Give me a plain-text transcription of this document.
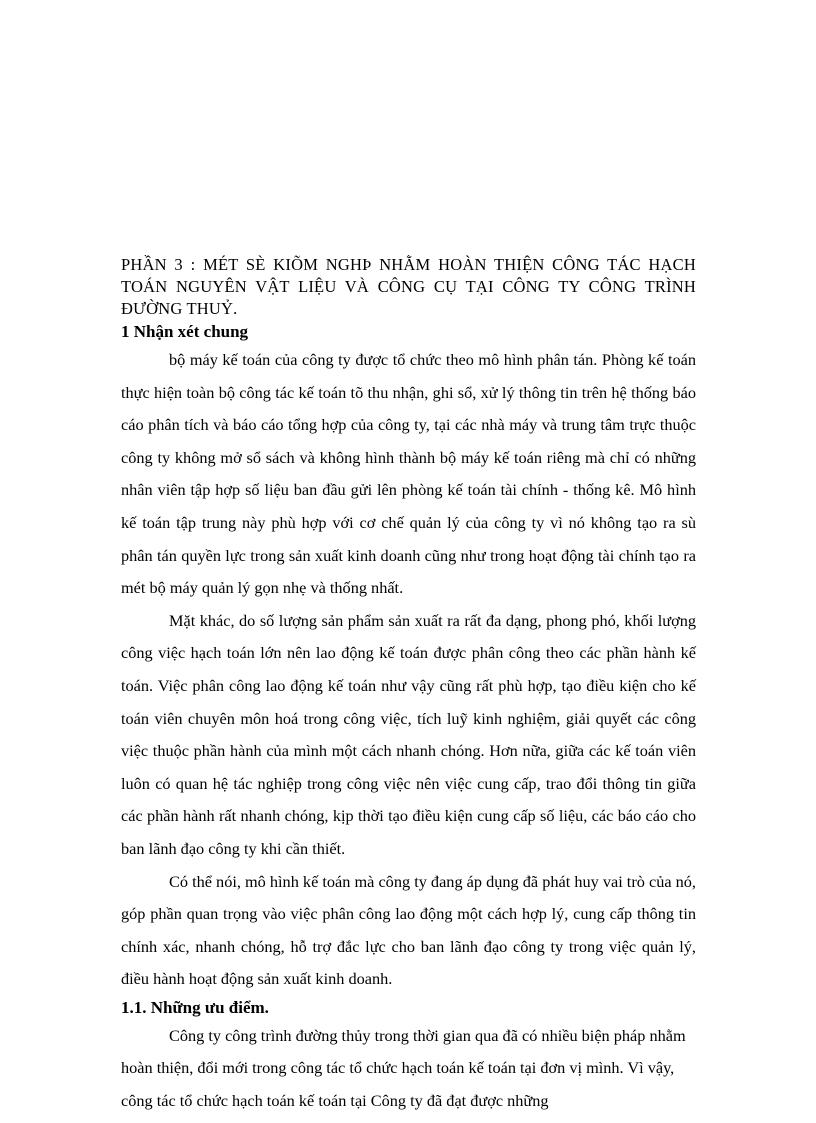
PHẦN 3 : MÉT SÈ KIÕM NGHÞ NHẰM HOÀN THIỆN CÔNG TÁC HẠCH TOÁN NGUYÊN VẬT LIỆU VÀ CÔNG CỤ TẠI CÔNG TY CÔNG TRÌNH ĐƯỜNG THUỶ.

1 Nhận xét chung

bộ máy kế toán của công ty được tổ chức theo mô hình phân tán. Phòng kế toán thực hiện toàn bộ công tác kế toán tõ thu nhận, ghi sổ, xử lý thông tin trên hệ thống báo cáo phân tích và báo cáo tổng hợp của công ty, tại các nhà máy và trung tâm trực thuộc công ty không mở sổ sách và không hình thành bộ máy kế toán riêng mà chỉ có những nhân viên tập hợp số liệu ban đầu gửi lên phòng kế toán tài chính - thống kê. Mô hình kế toán tập trung này phù hợp với cơ chế quản lý của công ty vì nó không tạo ra sù phân tán quyền lực trong sản xuất kinh doanh cũng như trong hoạt động tài chính tạo ra mét bộ máy quản lý gọn nhẹ và thống nhất.

Mặt khác, do số lượng sản phẩm sản xuất ra rất đa dạng, phong phó, khối lượng công việc hạch toán lớn nên lao động kế toán được phân công theo các phần hành kế toán. Việc phân công lao động kế toán như vậy cũng rất phù hợp, tạo điều kiện cho kế toán viên chuyên môn hoá trong công việc, tích luỹ kinh nghiệm, giải quyết các công việc thuộc phần hành của mình một cách nhanh chóng. Hơn nữa, giữa các kế toán viên luôn có quan hệ tác nghiệp trong công việc nên việc cung cấp, trao đổi thông tin giữa các phần hành rất nhanh chóng, kịp thời tạo điều kiện cung cấp số liệu, các báo cáo cho ban lãnh đạo công ty khi cần thiết.

Có thể nói, mô hình kế toán mà công ty đang áp dụng đã phát huy vai trò của nó, góp phần quan trọng vào việc phân công lao động một cách hợp lý, cung cấp thông tin chính xác, nhanh chóng, hỗ trợ đắc lực cho ban lãnh đạo công ty trong việc quản lý, điều hành hoạt động sản xuất kinh doanh.

1.1. Những ưu điểm.

Công ty công trình đường thủy trong thời gian qua đã có nhiều biện pháp nhằm hoàn thiện, đổi mới trong công tác tổ chức hạch toán kế toán tại đơn vị mình. Vì vậy, công tác tổ chức hạch toán kế toán tại Công ty đã đạt được những
